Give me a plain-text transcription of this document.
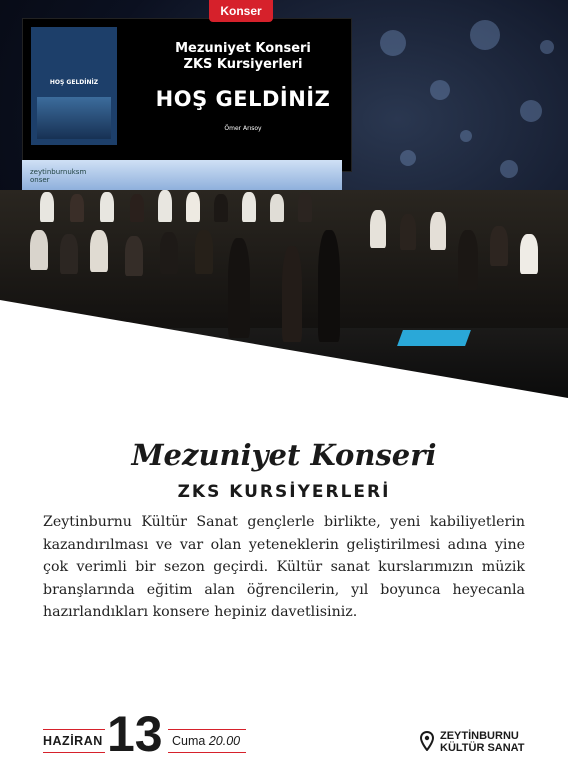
HOŞ GELDİNİZ
Mezuniyet Konseri
ZKS Kursiyerleri
HOŞ GELDİNİZ
Ömer Arısoy
zeytinburnuksm
onser
Konser
Mezuniyet Konseri
ZKS KURSİYERLERİ
Zeytinburnu Kültür Sanat gençlerle birlikte, yeni kabiliyetlerin kazandırılması ve var olan yeteneklerin geliştirilmesi adına yine çok verimli bir sezon geçirdi. Kültür sanat kurslarımızın müzik branşlarında eğitim alan öğrencilerin, yıl boyunca heyecanla hazırlandıkları konsere hepiniz davetlisiniz.
HAZİRAN 13 Cuma 20.00	ZEYTİNBURNU
KÜLTÜR SANAT
